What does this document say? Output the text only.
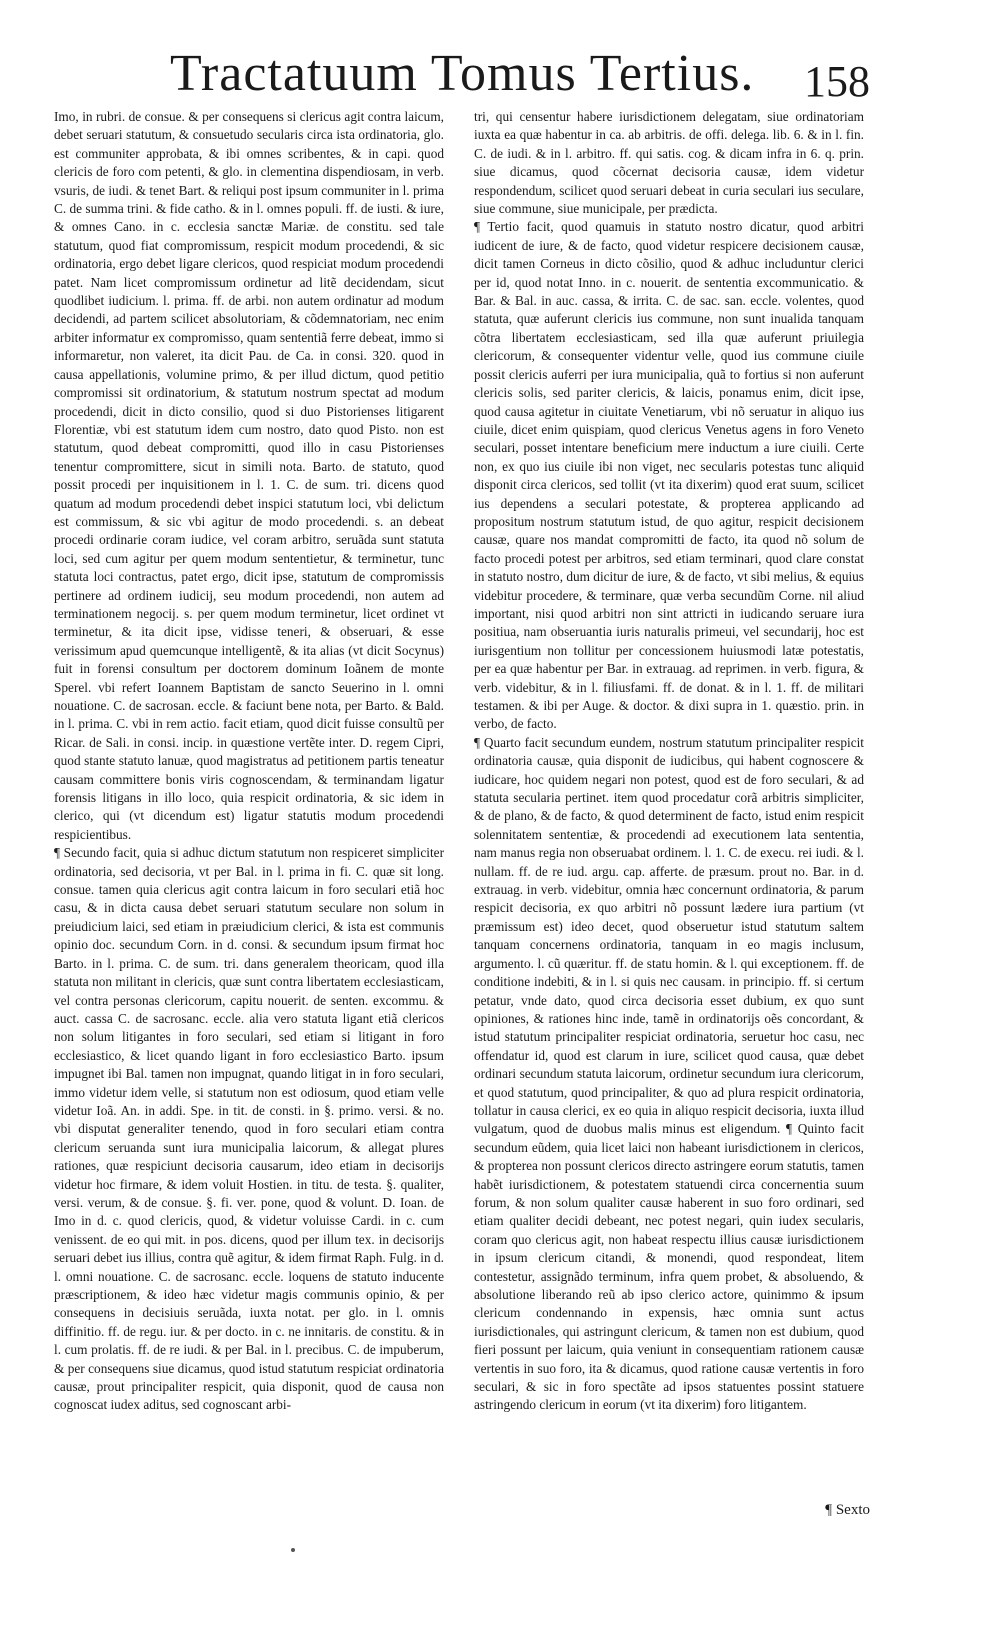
Tractatuum Tomus Tertius.	158

Imo, in rubri. de consue. & per consequens si clericus agit contra laicum, debet seruari statutum, & consuetudo secularis circa ista ordinatoria, glo. est communiter approbata, & ibi omnes scribentes, & in capi. quod clericis de foro com petenti, & glo. in clementina dispendiosam, in verb. vsuris, de iudi. & tenet Bart. & reliqui post ipsum communiter in l. prima C. de summa trini. & fide catho. & in l. omnes populi. ff. de iusti. & iure, & omnes Cano. in c. ecclesia sanctæ Mariæ. de constitu. sed tale statutum, quod fiat compromissum, respicit modum procedendi, & sic ordinatoria, ergo debet ligare clericos, quod respiciat modum procedendi patet. Nam licet compromissum ordinetur ad litẽ decidendam, sicut quodlibet iudicium. l. prima. ff. de arbi. non autem ordinatur ad modum decidendi, ad partem scilicet absolutoriam, & cõdemnatoriam, nec enim arbiter informatur ex compromisso, quam sententiã ferre debeat, immo si informaretur, non valeret, ita dicit Pau. de Ca. in consi. 320. quod in causa appellationis, volumine primo, & per illud dictum, quod petitio compromissi sit ordinatorium, & statutum nostrum spectat ad modum procedendi, dicit in dicto consilio, quod si duo Pistorienses litigarent Florentiæ, vbi est statutum idem cum nostro, dato quod Pisto. non est statutum, quod debeat compromitti, quod illo in casu Pistorienses tenentur compromittere, sicut in simili nota. Barto. de statuto, quod possit procedi per inquisitionem in l. 1. C. de sum. tri. dicens quod quatum ad modum procedendi debet inspici statutum loci, vbi delictum est commissum, & sic vbi agitur de modo procedendi. s. an debeat procedi ordinarie coram iudice, vel coram arbitro, seruãda sunt statuta loci, sed cum agitur per quem modum sententietur, & terminetur, tunc statuta loci contractus, patet ergo, dicit ipse, statutum de compromissis pertinere ad ordinem iudicij, seu modum procedendi, non autem ad terminationem negocij. s. per quem modum terminetur, licet ordinet vt terminetur, & ita dicit ipse, vidisse teneri, & obseruari, & esse verissimum apud quemcunque intelligentẽ, & ita alias (vt dicit Socynus) fuit in forensi consultum per doctorem dominum Ioãnem de monte Sperel. vbi refert Ioannem Baptistam de sancto Seuerino in l. omni nouatione. C. de sacrosan. eccle. & faciunt bene nota, per Barto. & Bald. in l. prima. C. vbi in rem actio. facit etiam, quod dicit fuisse consultũ per Ricar. de Sali. in consi. incip. in quæstione vertẽte inter. D. regem Cipri, quod stante statuto lanuæ, quod magistratus ad petitionem partis teneatur causam committere bonis viris cognoscendam, & terminandam ligatur forensis litigans in illo loco, quia respicit ordinatoria, & sic idem in clerico, qui (vt dicendum est) ligatur statutis modum procedendi respicientibus.

¶ Secundo facit, quia si adhuc dictum statutum non respiceret simpliciter ordinatoria, sed decisoria, vt per Bal. in l. prima in fi. C. quæ sit long. consue. tamen quia clericus agit contra laicum in foro seculari etiã hoc casu, & in dicta causa debet seruari statutum seculare non solum in preiudicium laici, sed etiam in præiudicium clerici, & ista est communis opinio doc. secundum Corn. in d. consi. & secundum ipsum firmat hoc Barto. in l. prima. C. de sum. tri. dans generalem theoricam, quod illa statuta non militant in clericis, quæ sunt contra libertatem ecclesiasticam, vel contra personas clericorum, capitu nouerit. de senten. excommu. & auct. cassa C. de sacrosanc. eccle. alia vero statuta ligant etiã clericos non solum litigantes in foro seculari, sed etiam si litigant in foro ecclesiastico, & licet quando ligant in foro ecclesiastico Barto. ipsum impugnet ibi Bal. tamen non impugnat, quando litigat in in foro seculari, immo videtur idem velle, si statutum non est odiosum, quod etiam velle videtur Ioã. An. in addi. Spe. in tit. de consti. in §. primo. versi. & no. vbi disputat generaliter tenendo, quod in foro seculari etiam contra clericum seruanda sunt iura municipalia laicorum, & allegat plures rationes, quæ respiciunt decisoria causarum, ideo etiam in decisorijs videtur hoc firmare, & idem voluit Hostien. in titu. de testa. §. qualiter, versi. verum, & de consue. §. fi. ver. pone, quod & volunt. D. Ioan. de Imo in d. c. quod clericis, quod, & videtur voluisse Cardi. in c. cum venissent. de eo qui mit. in pos. dicens, quod per illum tex. in decisorijs seruari debet ius illius, contra quẽ agitur, & idem firmat Raph. Fulg. in d. l. omni nouatione. C. de sacrosanc. eccle. loquens de statuto inducente præscriptionem, & ideo hæc videtur magis communis opinio, & per consequens in decisiuis seruãda, iuxta notat. per glo. in l. omnis diffinitio. ff. de regu. iur. & per docto. in c. ne innitaris. de constitu. & in l. cum prolatis. ff. de re iudi. & per Bal. in l. precibus. C. de impuberum, & per consequens siue dicamus, quod istud statutum respiciat ordinatoria causæ, prout principaliter respicit, quia disponit, quod de causa non cognoscat iudex aditus, sed cognoscant arbi-

tri, qui censentur habere iurisdictionem delegatam, siue ordinatoriam iuxta ea quæ habentur in ca. ab arbitris. de offi. delega. lib. 6. & in l. fin. C. de iudi. & in l. arbitro. ff. qui satis. cog. & dicam infra in 6. q. prin. siue dicamus, quod cõcernat decisoria causæ, idem videtur respondendum, scilicet quod seruari debeat in curia seculari ius seculare, siue commune, siue municipale, per prædicta.

¶ Tertio facit, quod quamuis in statuto nostro dicatur, quod arbitri iudicent de iure, & de facto, quod videtur respicere decisionem causæ, dicit tamen Corneus in dicto cõsilio, quod & adhuc includuntur clerici per id, quod notat Inno. in c. nouerit. de sententia excommunicatio. & Bar. & Bal. in auc. cassa, & irrita. C. de sac. san. eccle. volentes, quod statuta, quæ auferunt clericis ius commune, non sunt inualida tanquam cõtra libertatem ecclesiasticam, sed illa quæ auferunt priuilegia clericorum, & consequenter videntur velle, quod ius commune ciuile possit clericis auferri per iura municipalia, quã to fortius si non auferunt clericis solis, sed pariter clericis, & laicis, ponamus enim, dicit ipse, quod causa agitetur in ciuitate Venetiarum, vbi nõ seruatur in aliquo ius ciuile, dicet enim quispiam, quod clericus Venetus agens in foro Veneto seculari, posset intentare beneficium mere inductum a iure ciuili. Certe non, ex quo ius ciuile ibi non viget, nec secularis potestas tunc aliquid disponit circa clericos, sed tollit (vt ita dixerim) quod erat suum, scilicet ius dependens a seculari potestate, & propterea applicando ad propositum nostrum statutum istud, de quo agitur, respicit decisionem causæ, quare nos mandat compromitti de facto, ita quod nõ solum de facto procedi potest per arbitros, sed etiam terminari, quod clare constat in statuto nostro, dum dicitur de iure, & de facto, vt sibi melius, & equius videbitur procedere, & terminare, quæ verba secundũm Corne. nil aliud important, nisi quod arbitri non sint attricti in iudicando seruare iura positiua, nam obseruantia iuris naturalis primeui, vel secundarij, hoc est iurisgentium non tollitur per concessionem huiusmodi latæ potestatis, per ea quæ habentur per Bar. in extrauag. ad reprimen. in verb. figura, & verb. videbitur, & in l. filiusfami. ff. de donat. & in l. 1. ff. de militari testamen. & ibi per Auge. & doctor. & dixi supra in 1. quæstio. prin. in verbo, de facto.

¶ Quarto facit secundum eundem, nostrum statutum principaliter respicit ordinatoria causæ, quia disponit de iudicibus, qui habent cognoscere & iudicare, hoc quidem negari non potest, quod est de foro seculari, & ad statuta secularia pertinet. item quod procedatur corã arbitris simpliciter, & de plano, & de facto, & quod determinent de facto, istud enim respicit solennitatem sententiæ, & procedendi ad executionem lata sententia, nam manus regia non obseruabat ordinem. l. 1. C. de execu. rei iudi. & l. nullam. ff. de re iud. argu. cap. afferte. de præsum. prout no. Bar. in d. extrauag. in verb. videbitur, omnia hæc concernunt ordinatoria, & parum respicit decisoria, ex quo arbitri nõ possunt lædere iura partium (vt præmissum est) ideo decet, quod obseruetur istud statutum saltem tanquam concernens ordinatoria, tanquam in eo magis inclusum, argumento. l. cũ quæritur. ff. de statu homin. & l. qui exceptionem. ff. de conditione indebiti, & in l. si quis nec causam. in principio. ff. si certum petatur, vnde dato, quod circa decisoria esset dubium, ex quo sunt opiniones, & rationes hinc inde, tamẽ in ordinatorijs oẽs concordant, & istud statutum principaliter respiciat ordinatoria, seruetur hoc casu, nec offendatur id, quod est clarum in iure, scilicet quod causa, quæ debet ordinari secundum statuta laicorum, ordinetur secundum iura clericorum, et quod statutum, quod principaliter, & quo ad plura respicit ordinatoria, tollatur in causa clerici, ex eo quia in aliquo respicit decisoria, iuxta illud vulgatum, quod de duobus malis minus est eligendum. ¶ Quinto facit secundum eũdem, quia licet laici non habeant iurisdictionem in clericos, & propterea non possunt clericos directo astringere eorum statutis, tamen habẽt iurisdictionem, & potestatem statuendi circa concernentia suum forum, & non solum qualiter causæ haberent in suo foro ordinari, sed etiam qualiter decidi debeant, nec potest negari, quin iudex secularis, coram quo clericus agit, non habeat respectu illius causæ iurisdictionem in ipsum clericum citandi, & monendi, quod respondeat, litem contestetur, assignãdo terminum, infra quem probet, & absoluendo, & absolutione liberando reũ ab ipso clerico actore, quinimmo & ipsum clericum condennando in expensis, hæc omnia sunt actus iurisdictionales, qui astringunt clericum, & tamen non est dubium, quod fieri possunt per laicum, quia veniunt in consequentiam rationem causæ vertentis in suo foro, ita & dicamus, quod ratione causæ vertentis in foro seculari, & sic in foro spectãte ad ipsos statuentes possint statuere astringendo clericum in eorum (vt ita dixerim) foro litigantem.

¶ Sexto
